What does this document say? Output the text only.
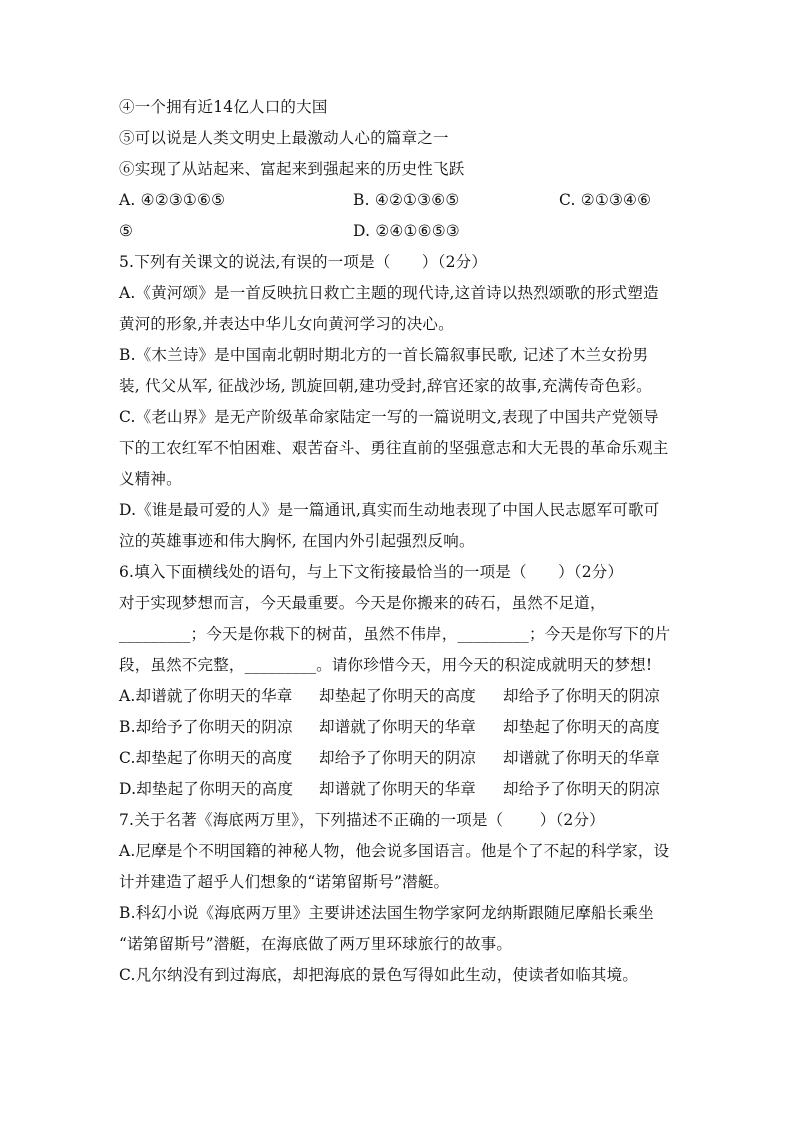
④一个拥有近14亿人口的大国
⑤可以说是人类文明史上最激动人心的篇章之一
⑥实现了从站起来、富起来到强起来的历史性飞跃
A. ④②③①⑥⑤	B. ④②①③⑥⑤	C. ②①③④⑥
⑤	D. ②④①⑥⑤③
5.下列有关课文的说法,有误的一项是（　　）（2分）
A.《黄河颂》是一首反映抗日救亡主题的现代诗,这首诗以热烈颂歌的形式塑造
黄河的形象,并表达中华儿女向黄河学习的决心。
B.《木兰诗》是中国南北朝时期北方的一首长篇叙事民歌, 记述了木兰女扮男
装, 代父从军, 征战沙场, 凯旋回朝,建功受封,辞官还家的故事,充满传奇色彩。
C.《老山界》是无产阶级革命家陆定一写的一篇说明文,表现了中国共产党领导
下的工农红军不怕困难、艰苦奋斗、勇往直前的坚强意志和大无畏的革命乐观主
义精神。
D.《谁是最可爱的人》是一篇通讯,真实而生动地表现了中国人民志愿军可歌可
泣的英雄事迹和伟大胸怀, 在国内外引起强烈反响。
6.填入下面横线处的语句，与上下文衔接最恰当的一项是（　　）（2分）
对于实现梦想而言，今天最重要。今天是你搬来的砖石，虽然不足道，
_________；今天是你栽下的树苗，虽然不伟岸，_________；今天是你写下的片
段，虽然不完整，_________。请你珍惜今天，用今天的积淀成就明天的梦想!
A.却谱就了你明天的华章 却垫起了你明天的高度 却给予了你明天的阴凉
B.却给予了你明天的阴凉 却谱就了你明天的华章 却垫起了你明天的高度
C.却垫起了你明天的高度 却给予了你明天的阴凉 却谱就了你明天的华章
D.却垫起了你明天的高度 却谱就了你明天的华章 却给予了你明天的阴凉
7.关于名著《海底两万里》，下列描述不正确的一项是（　　 ）（2分）
A.尼摩是个不明国籍的神秘人物，他会说多国语言。他是个了不起的科学家，设
计并建造了超乎人们想象的“诺第留斯号”潜艇。
B.科幻小说《海底两万里》主要讲述法国生物学家阿龙纳斯跟随尼摩船长乘坐
“诺第留斯号”潜艇，在海底做了两万里环球旅行的故事。
C.凡尔纳没有到过海底，却把海底的景色写得如此生动，使读者如临其境。
